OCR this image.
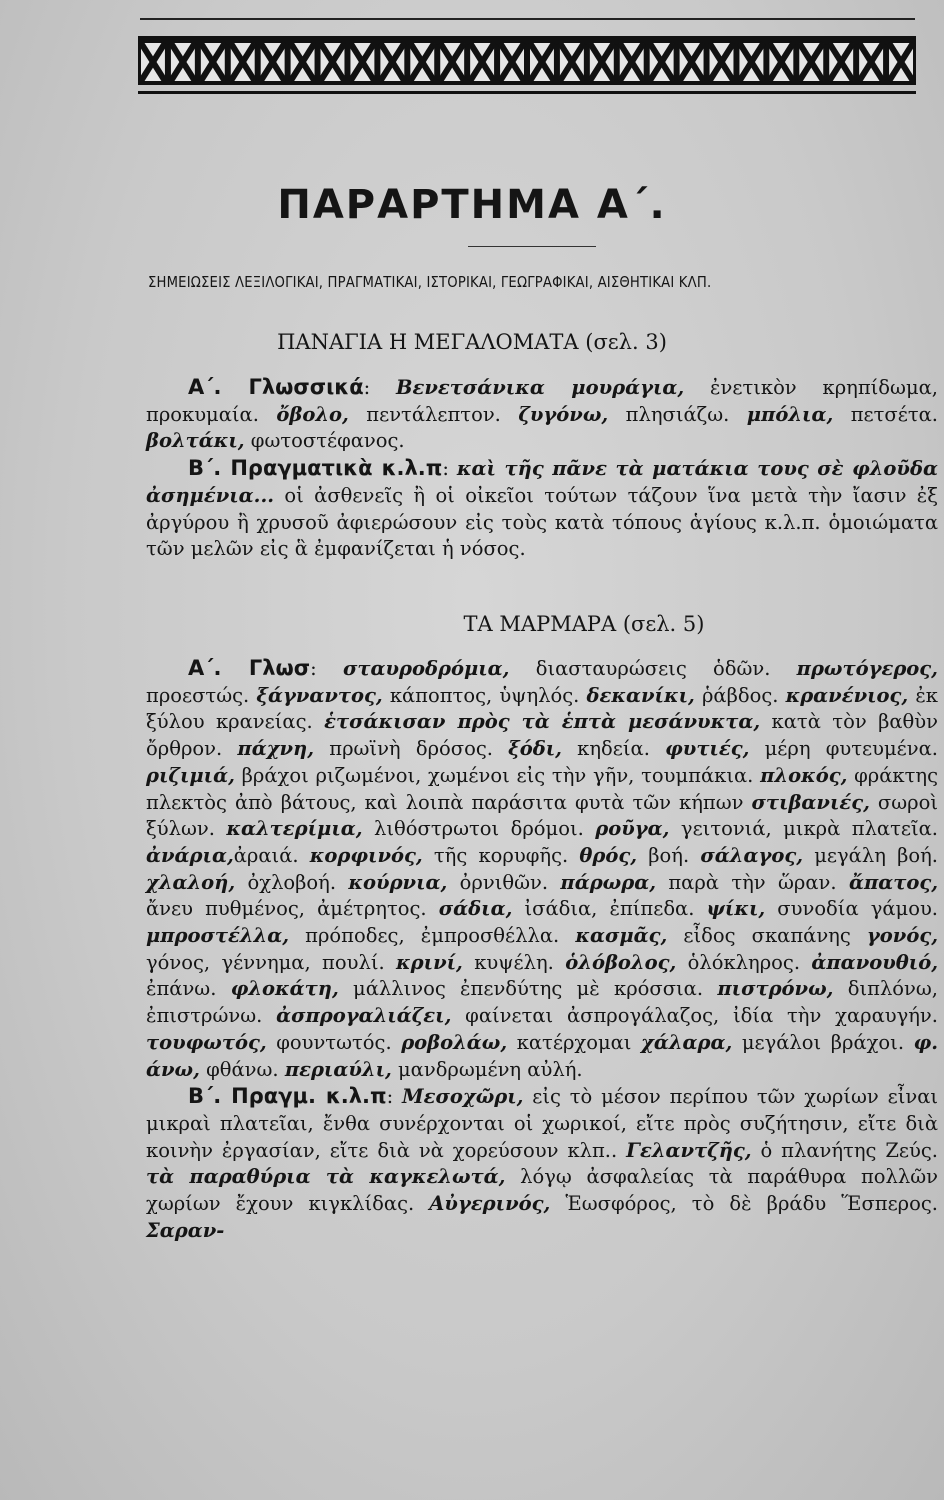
ΠΑΡΑΡΤΗΜΑ Α΄.
ΣΗΜΕΙΩΣΕΙΣ ΛΕΞΙΛΟΓΙΚΑΙ, ΠΡΑΓΜΑΤΙΚΑΙ, ΙΣΤΟΡΙΚΑΙ, ΓΕΩΓΡΑΦΙΚΑΙ, ΑΙΣΘΗΤΙΚΑΙ ΚΛΠ.
ΠΑΝΑΓΙΑ Η ΜΕΓΑΛΟΜΑΤΑ (σελ. 3)

Α΄. Γλωσσικά: Βενετσάνικα μουράγια, ἐνετικὸν κρηπίδωμα, προκυμαία. ὄβολο, πεντάλεπτον. ζυγόνω, πλησιάζω. μπόλια, πετσέτα. βολτάκι, φωτοστέφανος.

Β΄. Πραγματικὰ κ.λ.π: καὶ τῆς πᾶνε τὰ ματάκια τους σὲ φλοῦδα ἀσημένια... οἱ ἀσθενεῖς ἢ οἱ οἰκεῖοι τούτων τάζουν ἵνα μετὰ τὴν ἴασιν ἐξ ἀργύρου ἢ χρυσοῦ ἀφιερώσουν εἰς τοὺς κατὰ τόπους ἁγίους κ.λ.π. ὁμοιώματα τῶν μελῶν εἰς ἃ ἐμφανίζεται ἡ νόσος.

ΤΑ ΜΑΡΜΑΡΑ (σελ. 5)

Α΄. Γλωσ: σταυροδρόμια, διασταυρώσεις ὁδῶν. πρωτόγερος, προεστώς. ξάγναντος, κάποπτος, ὑψηλός. δεκανίκι, ῥάβδος. κρανένιος, ἐκ ξύλου κρανείας. ἑτσάκισαν πρὸς τὰ ἑπτὰ μεσάνυκτα, κατὰ τὸν βαθὺν ὄρθρον. πάχνη, πρωϊνὴ δρόσος. ξόδι, κηδεία. φυτιές, μέρη φυτευμένα. ριζιμιά, βράχοι ριζωμένοι, χωμένοι εἰς τὴν γῆν, τουμπάκια. πλοκός, φράκτης πλεκτὸς ἀπὸ βάτους, καὶ λοιπὰ παράσιτα φυτὰ τῶν κήπων στιβανιές, σωροὶ ξύλων. καλτερίμια, λιθόστρωτοι δρόμοι. ροῦγα, γειτονιά, μικρὰ πλατεῖα. ἀνάρια,ἀραιά. κορφινός, τῆς κορυφῆς. θρός, βοή. σάλαγος, μεγάλη βοή. χλαλοή, ὀχλοβοή. κούρνια, ὀρνιθῶν. πάρωρα, παρὰ τὴν ὥραν. ἄπατος, ἄνευ πυθμένος, ἀμέτρητος. σάδια, ἰσάδια, ἐπίπεδα. ψίκι, συνοδία γάμου. μπροστέλλα, πρόποδες, ἐμπροσθέλλα. κασμᾶς, εἶδος σκαπάνης γονός, γόνος, γέννημα, πουλί. κρινί, κυψέλη. ὁλόβολος, ὁλόκληρος. ἀπανουθιό, ἐπάνω. φλοκάτη, μάλλινος ἐπενδύτης μὲ κρόσσια. πιστρόνω, διπλόνω, ἐπιστρώνω. ἀσπρογαλιάζει, φαίνεται ἀσπρογάλαζος, ἰδία τὴν χαραυγήν. τουφωτός, φουντωτός. ροβολάω, κατέρχομαι χάλαρα, μεγάλοι βράχοι. φ. άνω, φθάνω. περιαύλι, μανδρωμένη αὐλή.

Β΄. Πραγμ. κ.λ.π: Μεσοχῶρι, εἰς τὸ μέσον περίπου τῶν χωρίων εἶναι μικραὶ πλατεῖαι, ἔνθα συνέρχονται οἱ χωρικοί, εἴτε πρὸς συζήτησιν, εἴτε διὰ κοινὴν ἐργασίαν, εἴτε διὰ νὰ χορεύσουν κλπ.. Γελαντζῆς, ὁ πλανήτης Ζεύς. τὰ παραθύρια τὰ καγκελωτά, λόγῳ ἀσφαλείας τὰ παράθυρα πολλῶν χωρίων ἔχουν κιγκλίδας. Αὐγερινός, Ἑωσφόρος, τὸ δὲ βράδυ Ἕσπερος. Σαραν-
